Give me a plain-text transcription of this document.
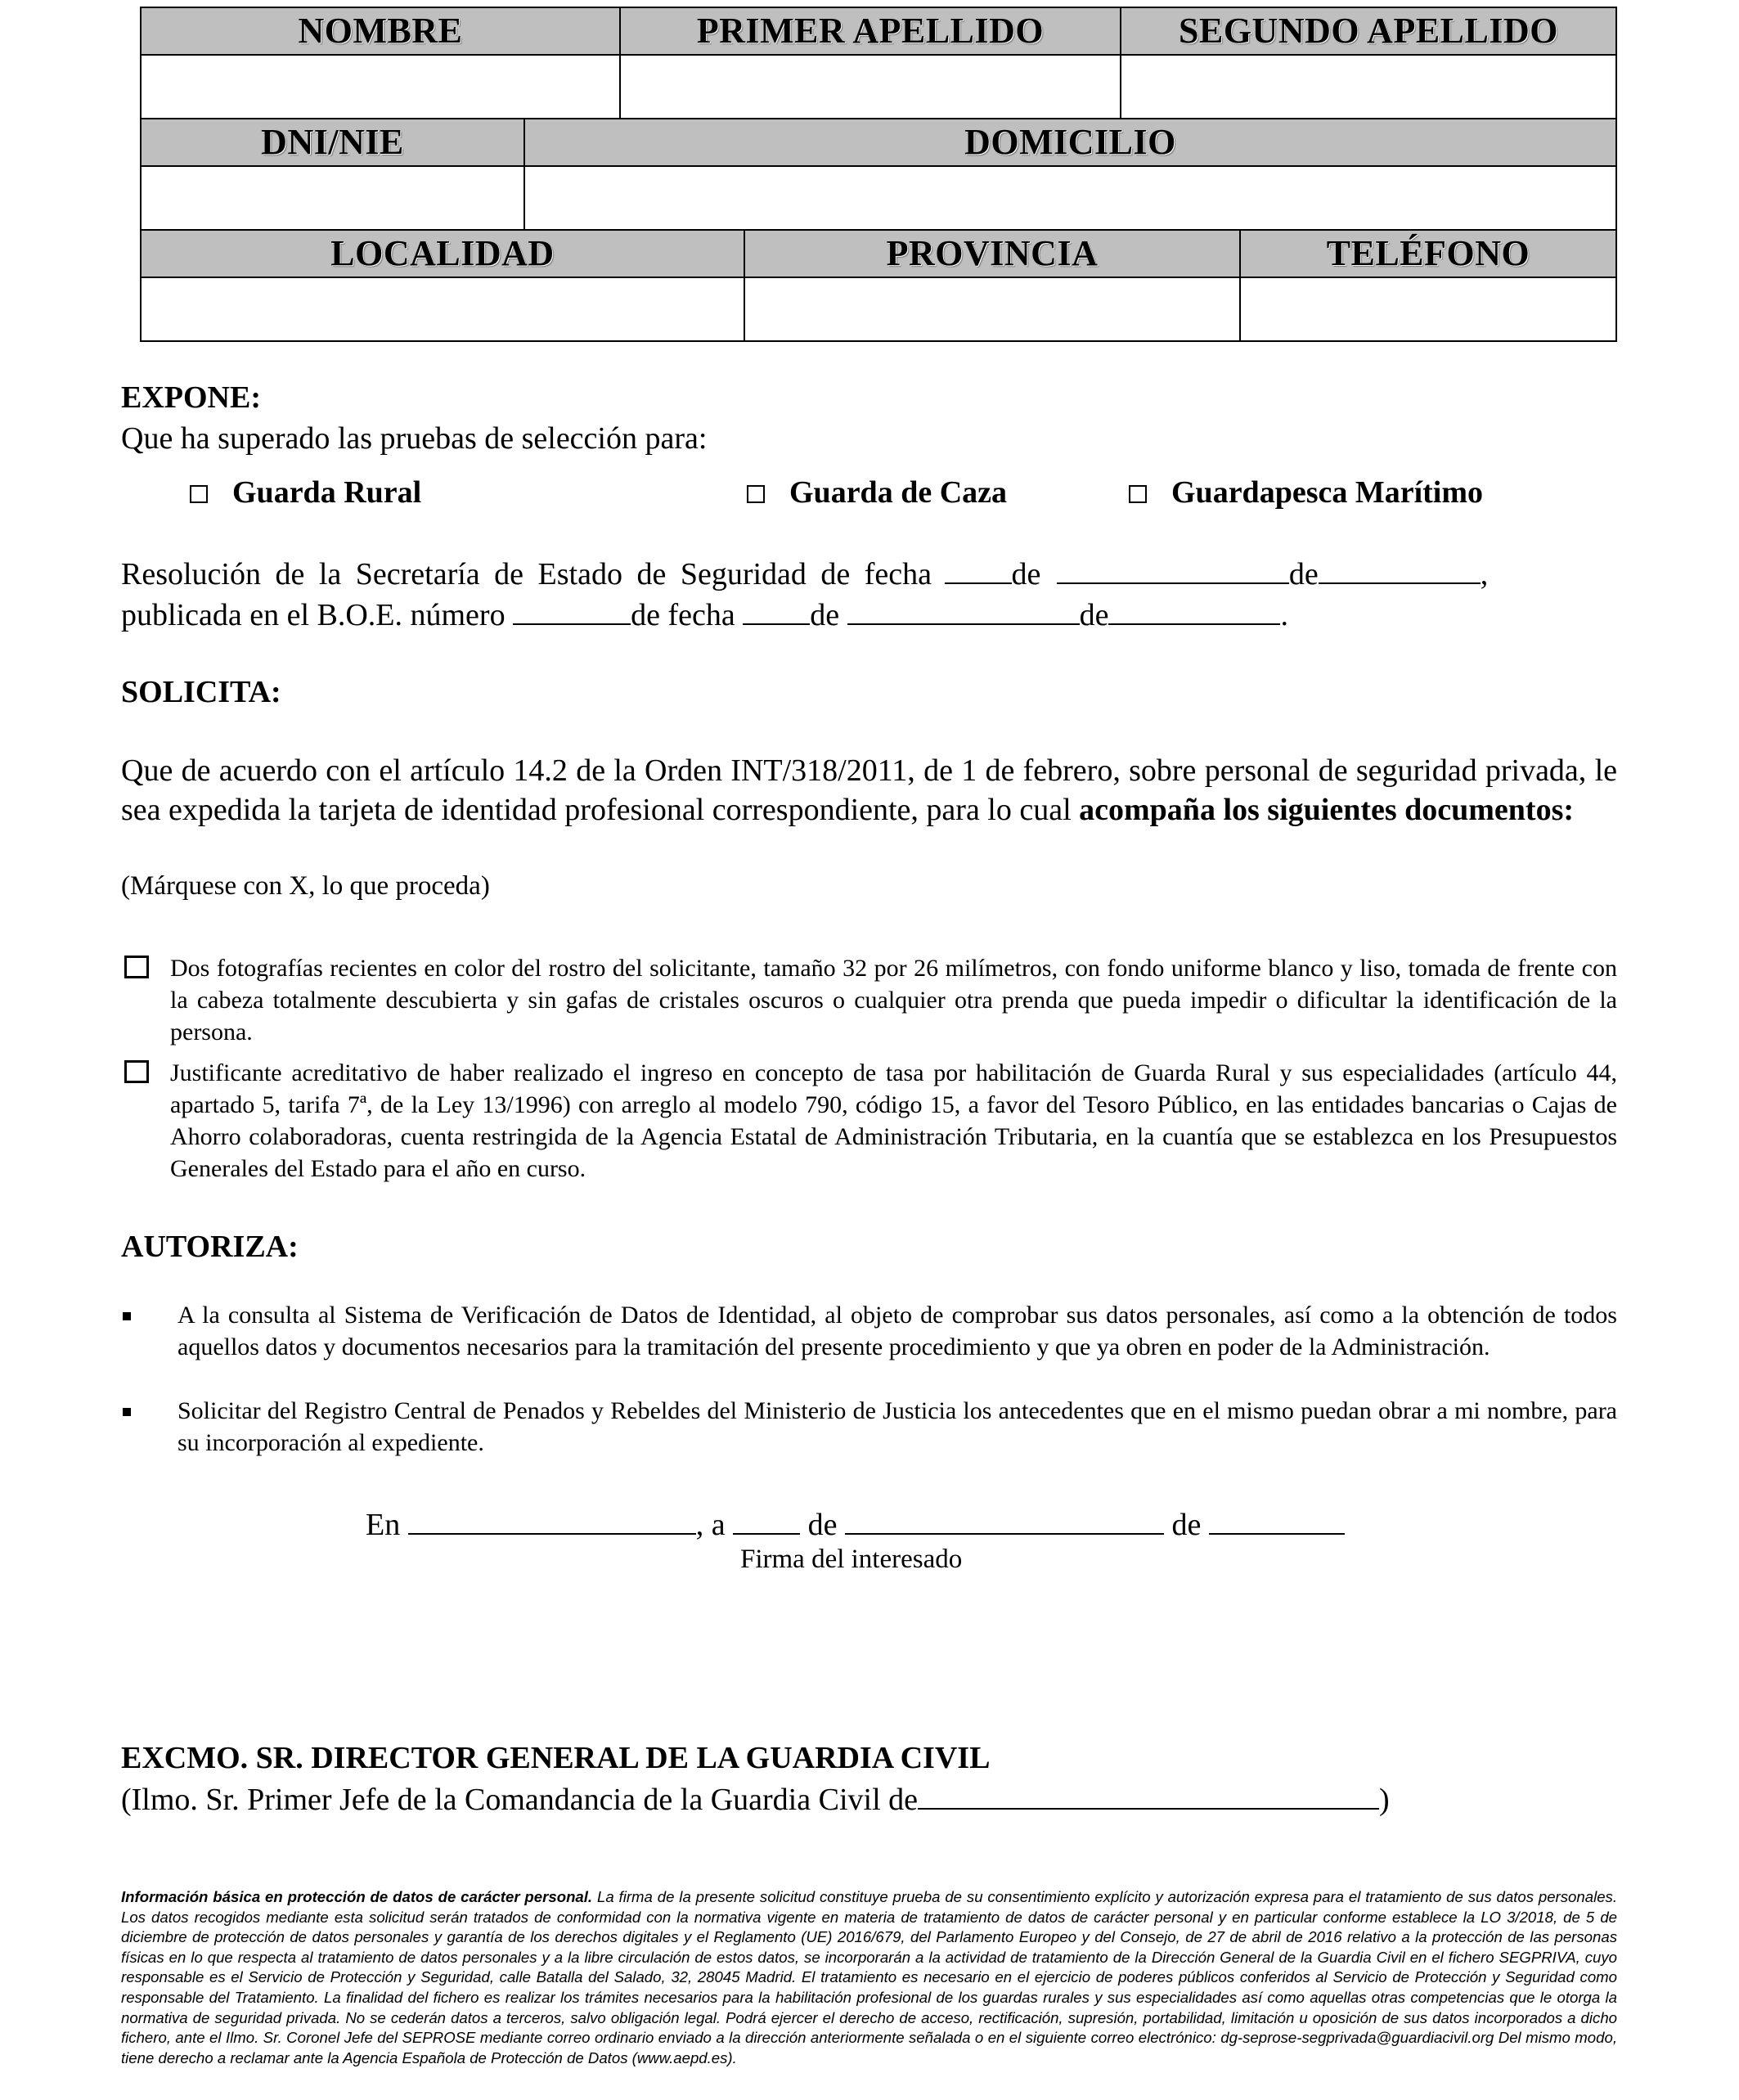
NOMBRE	PRIMER APELLIDO	SEGUNDO APELLIDO
DNI/NIE	DOMICILIO
LOCALIDAD	PROVINCIA	TELÉFONO
EXPONE:
Que ha superado las pruebas de selección para:
Guarda Rural	Guarda de Caza	Guardapesca Marítimo
Resolución de la Secretaría de Estado de Seguridad de fecha	de	de	,
publicada en el B.O.E. número	de fecha de	de	.
SOLICITA:
Que de acuerdo con el artículo 14.2 de la Orden INT/318/2011, de 1 de febrero, sobre personal de seguridad privada, le sea expedida la tarjeta de identidad profesional correspondiente, para lo cual acompaña los siguientes documentos:
(Márquese con X, lo que proceda)
Dos fotografías recientes en color del rostro del solicitante, tamaño 32 por 26 milímetros, con fondo uniforme blanco y liso, tomada de frente con la cabeza totalmente descubierta y sin gafas de cristales oscuros o cualquier otra prenda que pueda impedir o dificultar la identificación de la persona.
Justificante acreditativo de haber realizado el ingreso en concepto de tasa por habilitación de Guarda Rural y sus especialidades (artículo 44, apartado 5, tarifa 7ª, de la Ley 13/1996) con arreglo al modelo 790, código 15, a favor del Tesoro Público, en las entidades bancarias o Cajas de Ahorro colaboradoras, cuenta restringida de la Agencia Estatal de Administración Tributaria, en la cuantía que se establezca en los Presupuestos Generales del Estado para el año en curso.
AUTORIZA:
A la consulta al Sistema de Verificación de Datos de Identidad, al objeto de comprobar sus datos personales, así como a la obtención de todos aquellos datos y documentos necesarios para la tramitación del presente procedimiento y que ya obren en poder de la Administración.
Solicitar del Registro Central de Penados y Rebeldes del Ministerio de Justicia los antecedentes que en el mismo puedan obrar a mi nombre, para su incorporación al expediente.
En	, a	de	de
Firma del interesado
EXCMO. SR. DIRECTOR GENERAL DE LA GUARDIA CIVIL
(Ilmo. Sr. Primer Jefe de la Comandancia de la Guardia Civil de	)
Información básica en protección de datos de carácter personal. La firma de la presente solicitud constituye prueba de su consentimiento explícito y autorización expresa para el tratamiento de sus datos personales. Los datos recogidos mediante esta solicitud serán tratados de conformidad con la normativa vigente en materia de tratamiento de datos de carácter personal y en particular conforme establece la LO 3/2018, de 5 de diciembre de protección de datos personales y garantía de los derechos digitales y el Reglamento (UE) 2016/679, del Parlamento Europeo y del Consejo, de 27 de abril de 2016 relativo a la protección de las personas físicas en lo que respecta al tratamiento de datos personales y a la libre circulación de estos datos, se incorporarán a la actividad de tratamiento de la Dirección General de la Guardia Civil en el fichero SEGPRIVA, cuyo responsable es el Servicio de Protección y Seguridad, calle Batalla del Salado, 32, 28045 Madrid. El tratamiento es necesario en el ejercicio de poderes públicos conferidos al Servicio de Protección y Seguridad como responsable del Tratamiento. La finalidad del fichero es realizar los trámites necesarios para la habilitación profesional de los guardas rurales y sus especialidades así como aquellas otras competencias que le otorga la normativa de seguridad privada. No se cederán datos a terceros, salvo obligación legal. Podrá ejercer el derecho de acceso, rectificación, supresión, portabilidad, limitación u oposición de sus datos incorporados a dicho fichero, ante el Ilmo. Sr. Coronel Jefe del SEPROSE mediante correo ordinario enviado a la dirección anteriormente señalada o en el siguiente correo electrónico: dg-seprose-segprivada@guardiacivil.org Del mismo modo, tiene derecho a reclamar ante la Agencia Española de Protección de Datos (www.aepd.es).
